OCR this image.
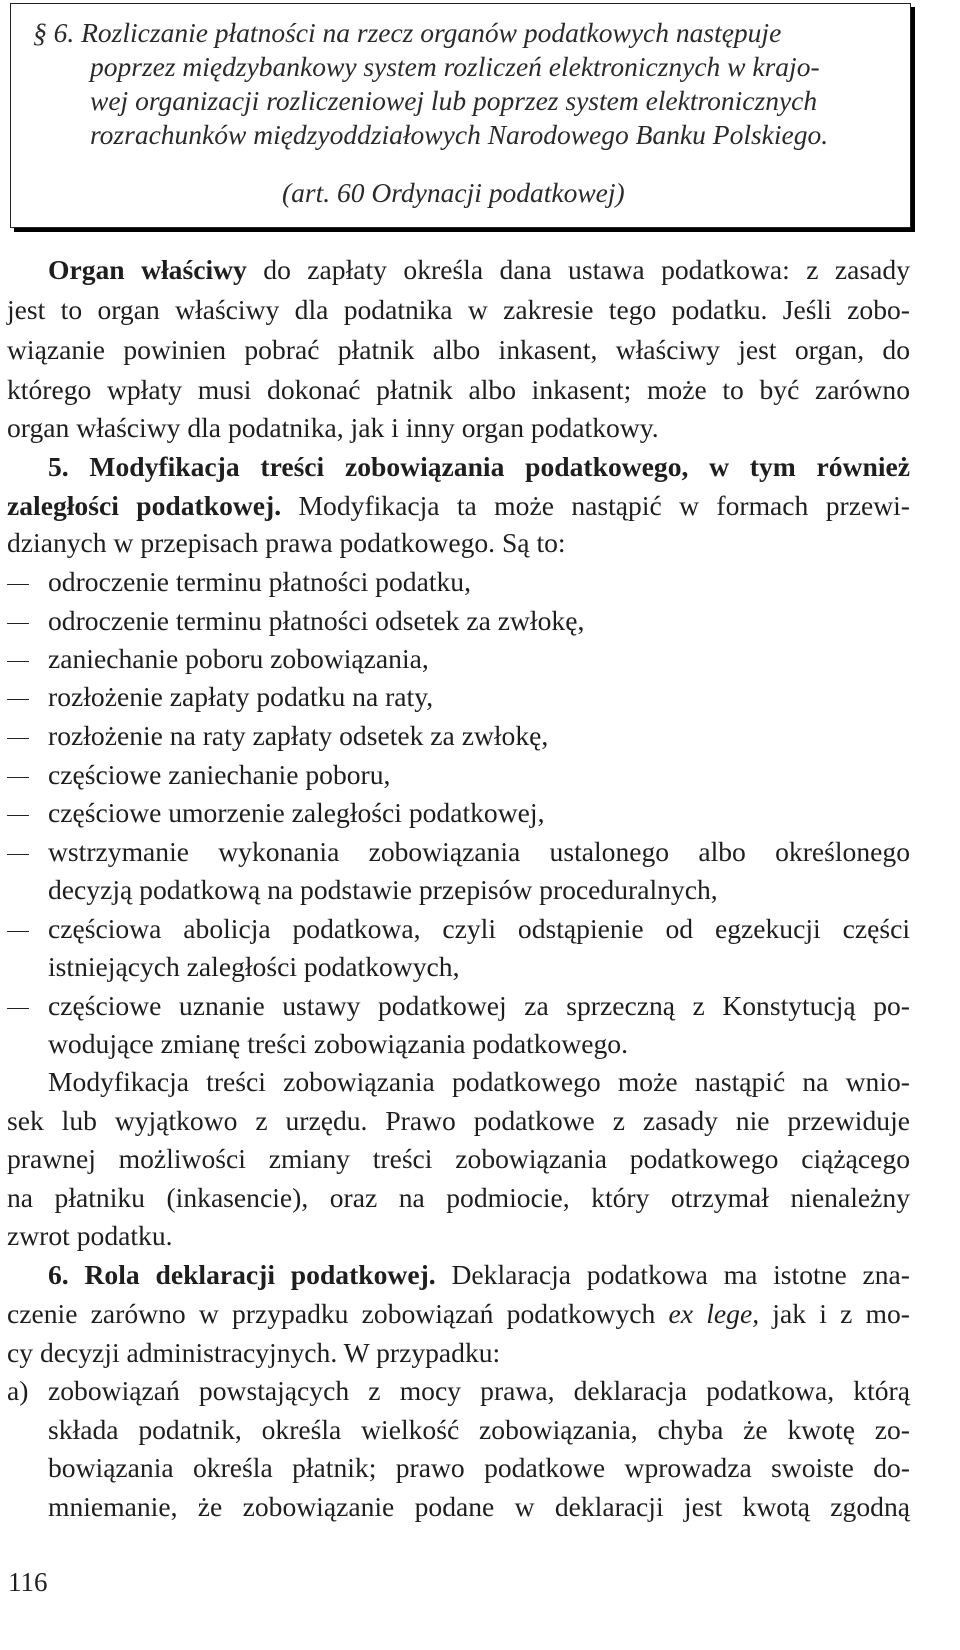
§ 6. Rozliczanie płatności na rzecz organów podatkowych następuje
poprzez międzybankowy system rozliczeń elektronicznych w krajo-
wej organizacji rozliczeniowej lub poprzez system elektronicznych
rozrachunków międzyoddziałowych Narodowego Banku Polskiego.
(art. 60 Ordynacji podatkowej)
Organ właściwy do zapłaty określa dana ustawa podatkowa: z zasady
jest to organ właściwy dla podatnika w zakresie tego podatku. Jeśli zobo-
wiązanie powinien pobrać płatnik albo inkasent, właściwy jest organ, do
którego wpłaty musi dokonać płatnik albo inkasent; może to być zarówno
organ właściwy dla podatnika, jak i inny organ podatkowy.
5. Modyfikacja treści zobowiązania podatkowego, w tym również
zaległości podatkowej. Modyfikacja ta może nastąpić w formach przewi-
dzianych w przepisach prawa podatkowego. Są to:
odroczenie terminu płatności podatku,
odroczenie terminu płatności odsetek za zwłokę,
zaniechanie poboru zobowiązania,
rozłożenie zapłaty podatku na raty,
rozłożenie na raty zapłaty odsetek za zwłokę,
częściowe zaniechanie poboru,
częściowe umorzenie zaległości podatkowej,
wstrzymanie wykonania zobowiązania ustalonego albo określonego
decyzją podatkową na podstawie przepisów proceduralnych,
częściowa abolicja podatkowa, czyli odstąpienie od egzekucji części
istniejących zaległości podatkowych,
częściowe uznanie ustawy podatkowej za sprzeczną z Konstytucją po-
wodujące zmianę treści zobowiązania podatkowego.
Modyfikacja treści zobowiązania podatkowego może nastąpić na wnio-
sek lub wyjątkowo z urzędu. Prawo podatkowe z zasady nie przewiduje
prawnej możliwości zmiany treści zobowiązania podatkowego ciążącego
na płatniku (inkasencie), oraz na podmiocie, który otrzymał nienależny
zwrot podatku.
6. Rola deklaracji podatkowej. Deklaracja podatkowa ma istotne zna-
czenie zarówno w przypadku zobowiązań podatkowych ex lege, jak i z mo-
cy decyzji administracyjnych. W przypadku:
a) zobowiązań powstających z mocy prawa, deklaracja podatkowa, którą
składa podatnik, określa wielkość zobowiązania, chyba że kwotę zo-
bowiązania określa płatnik; prawo podatkowe wprowadza swoiste do-
mniemanie, że zobowiązanie podane w deklaracji jest kwotą zgodną
116
